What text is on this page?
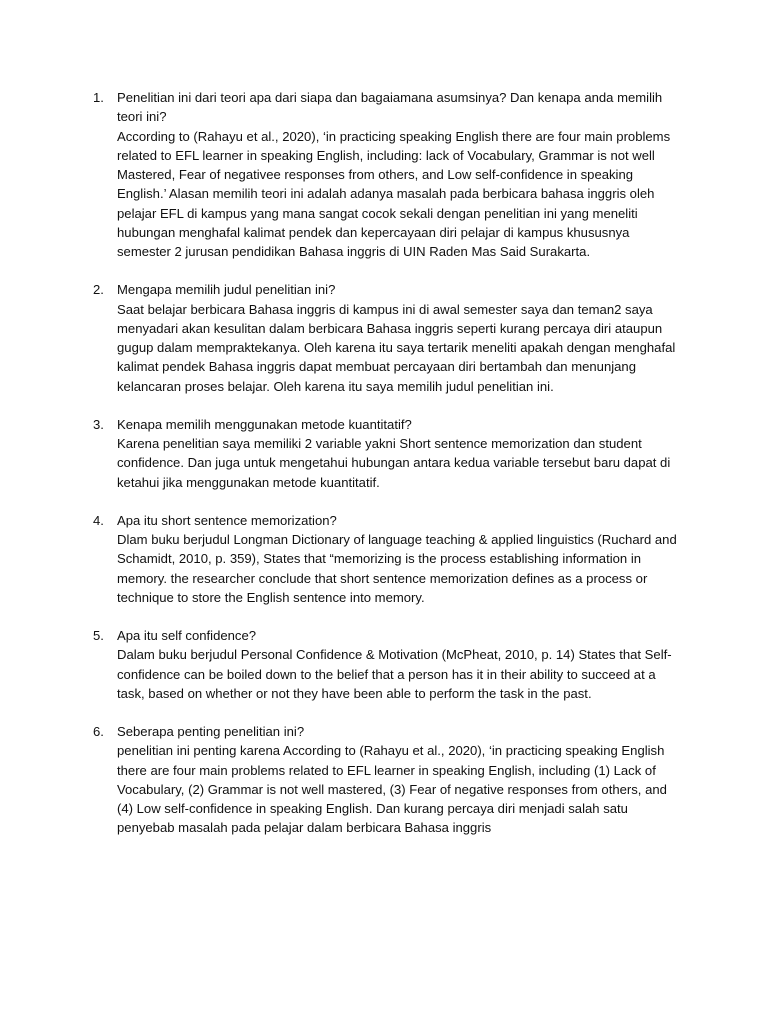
1. Penelitian ini dari teori apa dari siapa dan bagaiamana asumsinya? Dan kenapa anda memilih teori ini?
According to (Rahayu et al., 2020), ‘in practicing speaking English there are four main problems related to EFL learner in speaking English, including: lack of Vocabulary, Grammar is not well Mastered, Fear of negativee responses from others, and Low self-confidence in speaking English.’ Alasan memilih teori ini adalah adanya masalah pada berbicara bahasa inggris oleh pelajar EFL di kampus yang mana sangat cocok sekali dengan penelitian ini yang meneliti hubungan menghafal kalimat pendek dan kepercayaan diri pelajar di kampus khususnya semester 2 jurusan pendidikan Bahasa inggris di UIN Raden Mas Said Surakarta.
2. Mengapa memilih judul penelitian ini?
Saat belajar berbicara Bahasa inggris di kampus ini di awal semester saya dan teman2 saya menyadari akan kesulitan dalam berbicara Bahasa inggris seperti kurang percaya diri ataupun gugup dalam mempraktekanya. Oleh karena itu saya tertarik meneliti apakah dengan menghafal kalimat pendek Bahasa inggris dapat membuat percayaan diri bertambah dan menunjang kelancaran proses belajar. Oleh karena itu saya memilih judul penelitian ini.
3. Kenapa memilih menggunakan metode kuantitatif?
Karena penelitian saya memiliki 2 variable yakni Short sentence memorization dan student confidence. Dan juga untuk mengetahui hubungan antara kedua variable tersebut baru dapat di ketahui jika menggunakan metode kuantitatif.
4. Apa itu short sentence memorization?
Dlam buku berjudul Longman Dictionary of language teaching & applied linguistics (Ruchard and Schamidt, 2010, p. 359), States that “memorizing is the process establishing information in memory. the researcher conclude that short sentence memorization defines as a process or technique to store the English sentence into memory.
5. Apa itu self confidence?
Dalam buku berjudul Personal Confidence & Motivation (McPheat, 2010, p. 14) States that Self-confidence can be boiled down to the belief that a person has it in their ability to succeed at a task, based on whether or not they have been able to perform the task in the past.
6. Seberapa penting penelitian ini?
penelitian ini penting karena According to (Rahayu et al., 2020), ‘in practicing speaking English there are four main problems related to EFL learner in speaking English, including (1) Lack of Vocabulary, (2) Grammar is not well mastered, (3) Fear of negative responses from others, and (4) Low self-confidence in speaking English. Dan kurang percaya diri menjadi salah satu penyebab masalah pada pelajar dalam berbicara Bahasa inggris
